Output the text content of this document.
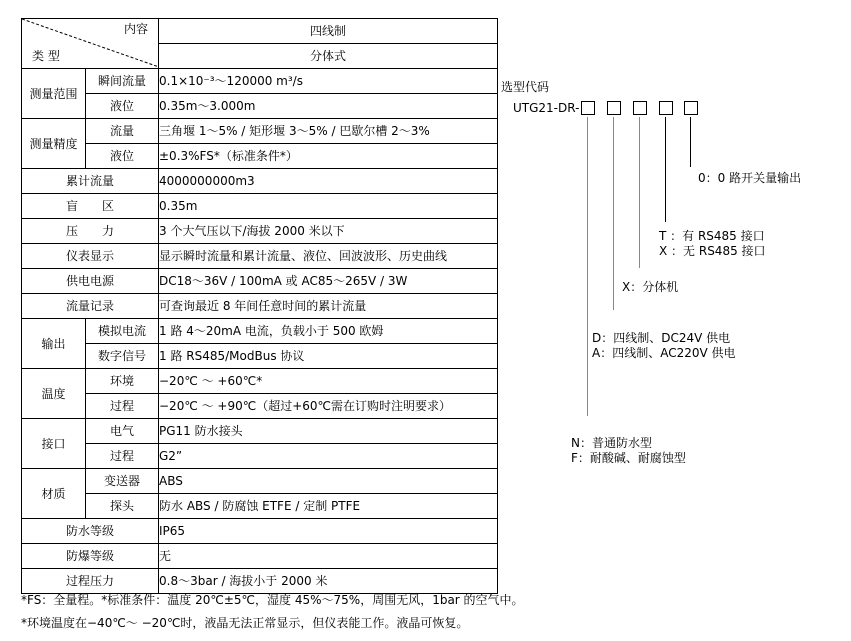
内容
类 型		四线制
		分体式
测量范围	瞬间流量	0.1×10⁻³～120000 m³/s
	液位	0.35m～3.000m
测量精度	流量	三角堰 1～5% / 矩形堰 3～5% / 巴歇尔槽 2～3%
	液位	±0.3%FS*（标准条件*）
累计流量		4000000000m3
盲　　区		0.35m
压　　力		3 个大气压以下/海拔 2000 米以下
仪表显示		显示瞬时流量和累计流量、液位、回波波形、历史曲线
供电电源		DC18～36V / 100mA 或 AC85～265V / 3W
流量记录		可查询最近 8 年间任意时间的累计流量
输出	模拟电流	1 路 4～20mA 电流，负载小于 500 欧姆
	数字信号	1 路 RS485/ModBus 协议
温度	环境	−20℃ ～ +60℃*
	过程	−20℃ ～ +90℃（超过+60℃需在订购时注明要求）
接口	电气	PG11 防水接头
	过程	G2”
材质	变送器	ABS
	探头	防水 ABS / 防腐蚀 ETFE / 定制 PTFE
防水等级		IP65
防爆等级		无
过程压力		0.8～3bar / 海拔小于 2000 米
选型代码
UTG21-DR-
0：0 路开关量输出
T ：有 RS485 接口
X ：无 RS485 接口
X：分体机
D：四线制、DC24V 供电
A：四线制、AC220V 供电
N：普通防水型
F：耐酸碱、耐腐蚀型
*FS：全量程。*标准条件：温度 20℃±5℃，湿度 45%～75%，周围无风，1bar 的空气中。
*环境温度在−40℃～ −20℃时，液晶无法正常显示，但仪表能工作。液晶可恢复。
